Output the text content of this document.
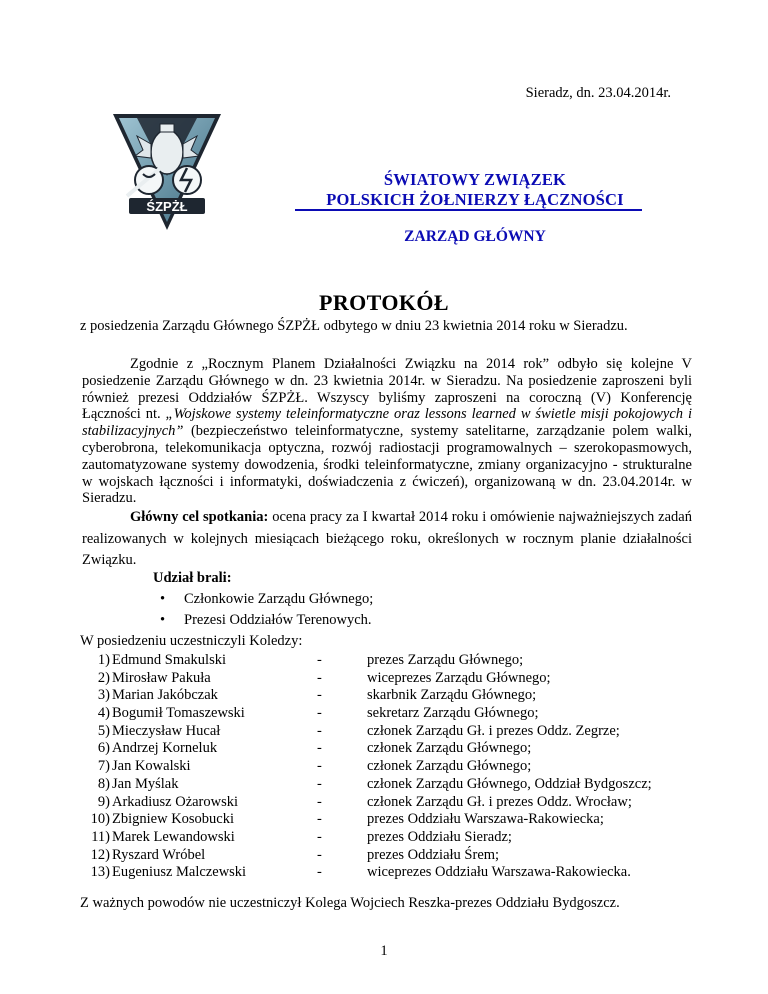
Sieradz, dn. 23.04.2014r.
ŚZPŻŁ
ŚWIATOWY ZWIĄZEK
POLSKICH ŻOŁNIERZY ŁĄCZNOŚCI
ZARZĄD GŁÓWNY
PROTOKÓŁ
z posiedzenia Zarządu Głównego ŚZPŻŁ odbytego w dniu 23 kwietnia 2014 roku w Sieradzu.

Zgodnie z „Rocznym Planem Działalności Związku na 2014 rok” odbyło się kolejne V posiedzenie Zarządu Głównego w dn. 23 kwietnia 2014r. w Sieradzu. Na posiedzenie zaproszeni byli również prezesi Oddziałów ŚZPŻŁ. Wszyscy byliśmy zaproszeni na coroczną (V) Konferencję Łączności nt. „Wojskowe systemy teleinformatyczne oraz lessons learned w świetle misji pokojowych i stabilizacyjnych” (bezpieczeństwo teleinformatyczne, systemy satelitarne, zarządzanie polem walki, cyberobrona, telekomunikacja optyczna, rozwój radiostacji programowalnych – szerokopasmowych, zautomatyzowane systemy dowodzenia, środki teleinformatyczne, zmiany organizacyjno - strukturalne w wojskach łączności i informatyki, doświadczenia z ćwiczeń), organizowaną w dn. 23.04.2014r. w Sieradzu.

Główny cel spotkania: ocena pracy za I kwartał 2014 roku i omówienie najważniejszych zadań realizowanych w kolejnych miesiącach bieżącego roku, określonych w rocznym planie działalności Związku.
Udział brali:
• Członkowie Zarządu Głównego;
• Prezesi Oddziałów Terenowych.
W posiedzeniu uczestniczyli Koledzy:
1) Edmund Smakulski	-	prezes Zarządu Głównego;
2) Mirosław Pakuła	-	wiceprezes Zarządu Głównego;
3) Marian Jakóbczak	-	skarbnik Zarządu Głównego;
4) Bogumił Tomaszewski	-	sekretarz Zarządu Głównego;
5) Mieczysław Hucał	-	członek Zarządu Gł. i prezes Oddz. Zegrze;
6) Andrzej Korneluk	-	członek Zarządu Głównego;
7) Jan Kowalski	-	członek Zarządu Głównego;
8) Jan Myślak	-	członek Zarządu Głównego, Oddział Bydgoszcz;
9) Arkadiusz Ożarowski	-	członek Zarządu Gł. i prezes Oddz. Wrocław;
10) Zbigniew Kosobucki	-	prezes Oddziału Warszawa-Rakowiecka;
11) Marek Lewandowski	-	prezes Oddziału Sieradz;
12) Ryszard Wróbel	-	prezes Oddziału Śrem;
13) Eugeniusz Malczewski	-	wiceprezes Oddziału Warszawa-Rakowiecka.
Z ważnych powodów nie uczestniczył Kolega Wojciech Reszka-prezes Oddziału Bydgoszcz.
1
